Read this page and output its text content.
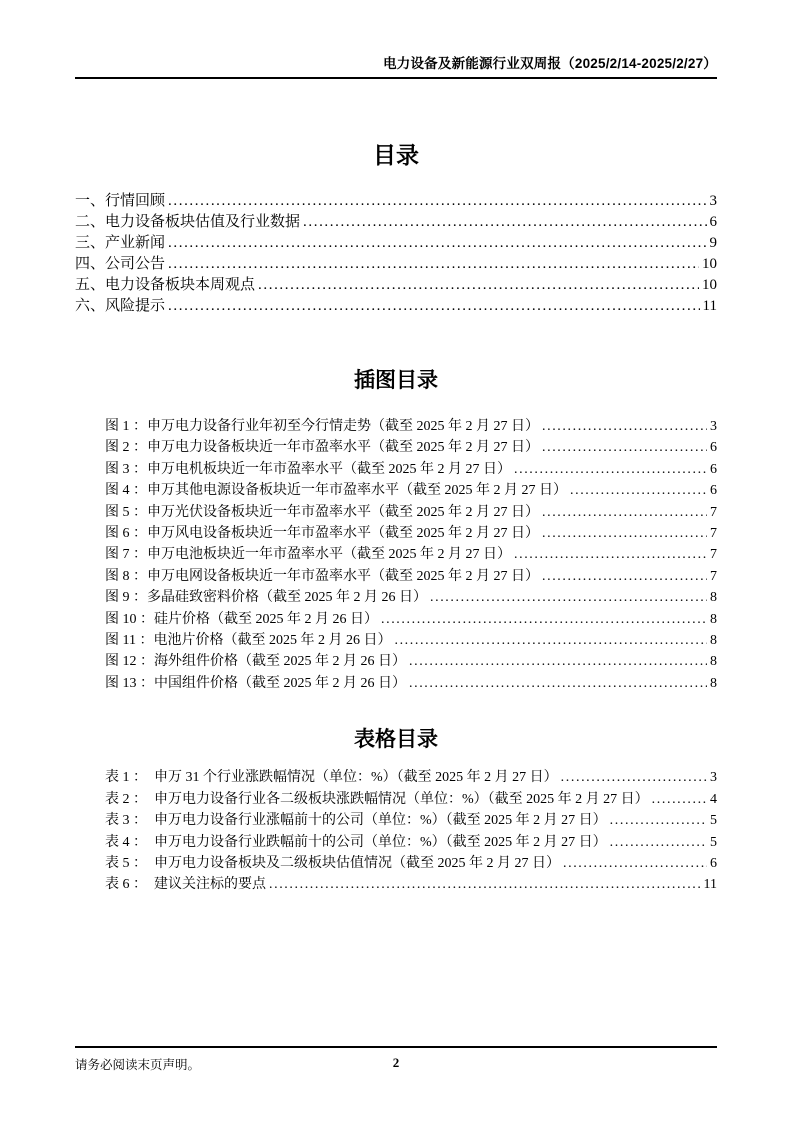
电力设备及新能源行业双周报（2025/2/14-2025/2/27）
目录
一、行情回顾 .....	3
二、电力设备板块估值及行业数据 .....	6
三、产业新闻 .....	9
四、公司公告 .....	10
五、电力设备板块本周观点 .....	10
六、风险提示 .....	11
插图目录
图 1 ：申万电力设备行业年初至今行情走势（截至 2025 年 2 月 27 日） .....	3
图 2 ：申万电力设备板块近一年市盈率水平（截至 2025 年 2 月 27 日） .....	6
图 3 ：申万电机板块近一年市盈率水平（截至 2025 年 2 月 27 日） .....	6
图 4 ：申万其他电源设备板块近一年市盈率水平（截至 2025 年 2 月 27 日） .....	6
图 5 ：申万光伏设备板块近一年市盈率水平（截至 2025 年 2 月 27 日） .....	7
图 6 ：申万风电设备板块近一年市盈率水平（截至 2025 年 2 月 27 日） .....	7
图 7 ：申万电池板块近一年市盈率水平（截至 2025 年 2 月 27 日） .....	7
图 8 ：申万电网设备板块近一年市盈率水平（截至 2025 年 2 月 27 日） .....	7
图 9 ：多晶硅致密料价格（截至 2025 年 2 月 26 日） .....	8
图 10 ：硅片价格（截至 2025 年 2 月 26 日） .....	8
图 11 ：电池片价格（截至 2025 年 2 月 26 日） .....	8
图 12 ：海外组件价格（截至 2025 年 2 月 26 日） .....	8
图 13 ：中国组件价格（截至 2025 年 2 月 26 日） .....	8
表格目录
表 1 ：　申万 31 个行业涨跌幅情况（单位：%）（截至 2025 年 2 月 27 日） .....	3
表 2 ：　申万电力设备行业各二级板块涨跌幅情况（单位：%）（截至 2025 年 2 月 27 日） .....	4
表 3 ：　申万电力设备行业涨幅前十的公司（单位：%）（截至 2025 年 2 月 27 日） .....	5
表 4 ：　申万电力设备行业跌幅前十的公司（单位：%）（截至 2025 年 2 月 27 日） .....	5
表 5 ：　申万电力设备板块及二级板块估值情况（截至 2025 年 2 月 27 日） .....	6
表 6 ：　建议关注标的要点 .....	11
请务必阅读末页声明。	2
